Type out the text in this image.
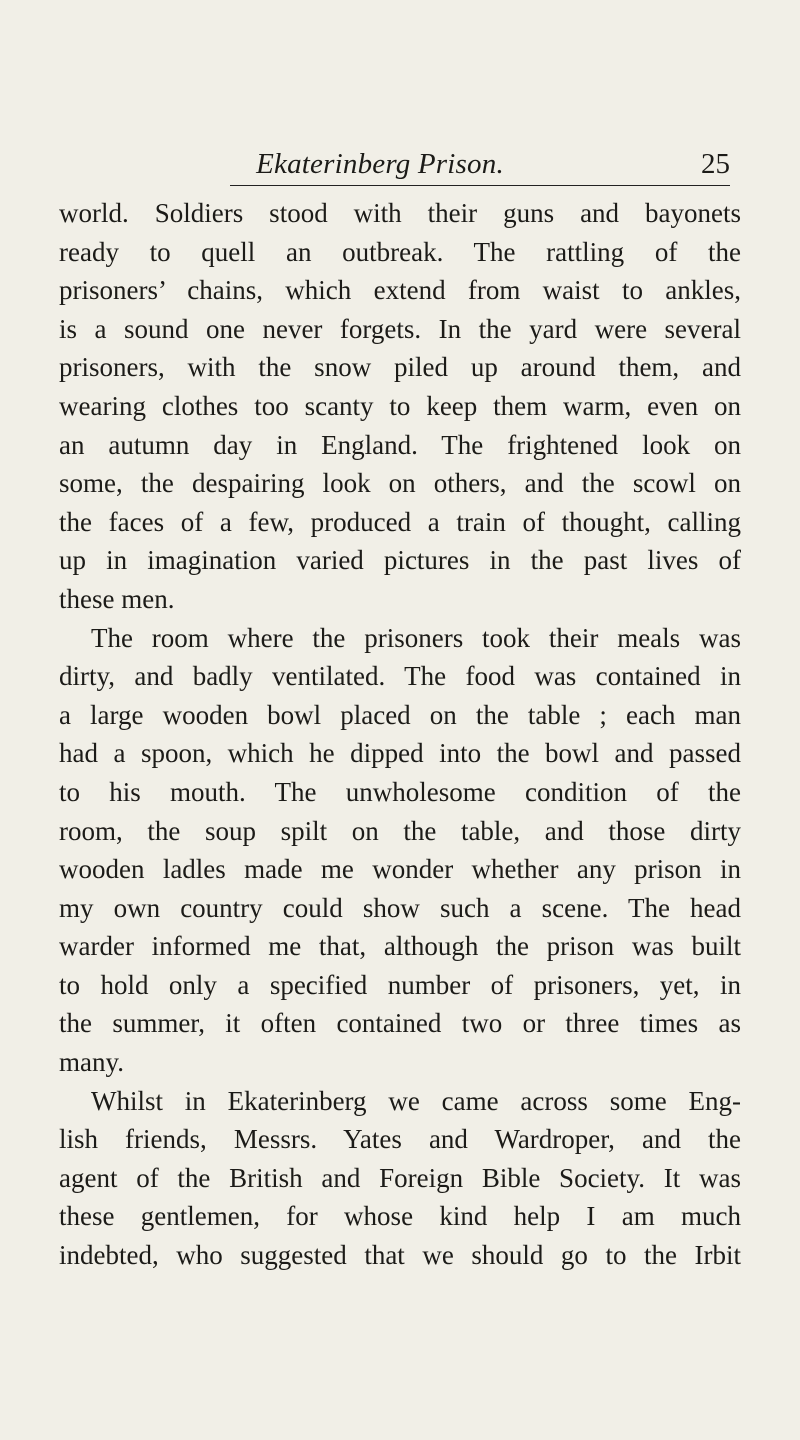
Ekaterinberg Prison.	25
world. Soldiers stood with their guns and bayonets
ready to quell an outbreak. The rattling of the
prisoners’ chains, which extend from waist to ankles,
is a sound one never forgets. In the yard were several
prisoners, with the snow piled up around them, and
wearing clothes too scanty to keep them warm, even on
an autumn day in England. The frightened look on
some, the despairing look on others, and the scowl on
the faces of a few, produced a train of thought, calling
up in imagination varied pictures in the past lives of
these men.
The room where the prisoners took their meals was
dirty, and badly ventilated. The food was contained in
a large wooden bowl placed on the table ; each man
had a spoon, which he dipped into the bowl and passed
to his mouth. The unwholesome condition of the
room, the soup spilt on the table, and those dirty
wooden ladles made me wonder whether any prison in
my own country could show such a scene. The head
warder informed me that, although the prison was built
to hold only a specified number of prisoners, yet, in
the summer, it often contained two or three times as
many.
Whilst in Ekaterinberg we came across some Eng-
lish friends, Messrs. Yates and Wardroper, and the
agent of the British and Foreign Bible Society. It was
these gentlemen, for whose kind help I am much
indebted, who suggested that we should go to the Irbit
